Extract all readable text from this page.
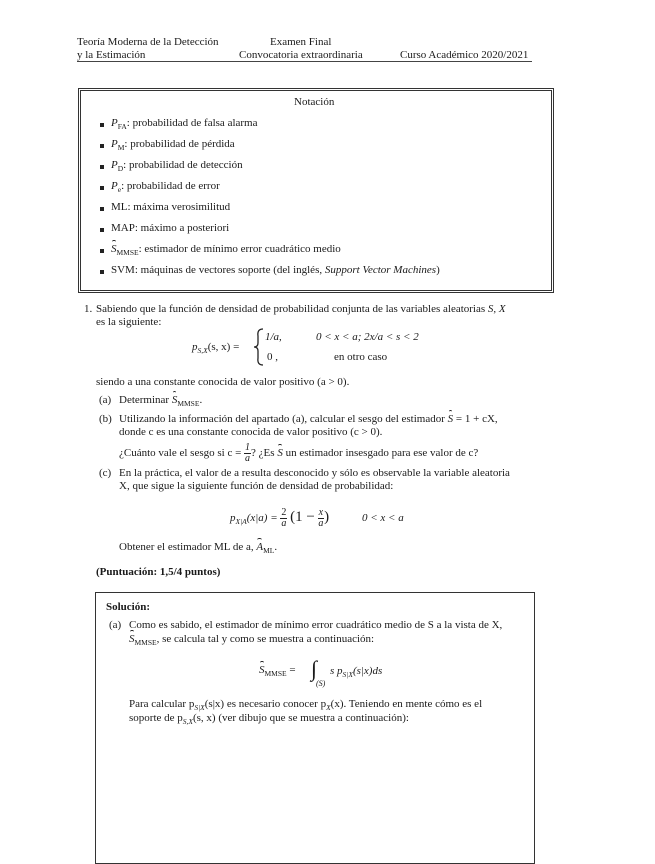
Teoría Moderna de la Detección
y la Estimación
Examen Final
Convocatoria extraordinaria	Curso Académico 2020/2021
Notación
$P_{FA}$: probabilidad de falsa alarma
$P_M$: probabilidad de pérdida
$P_D$: probabilidad de detección
$P_e$: probabilidad de error
ML: máxima verosimilitud
MAP: máximo a posteriori
$S_{MMSE}$: estimador de mínimo error cuadrático medio
SVM: máquinas de vectores soporte (del inglés, Support Vector Machines)
1. Sabiendo que la función de densidad de probabilidad conjunta de las variables aleatorias S, X
es la siguiente:
$p_{S,X}(s$, x) =
1/a,	0 < x < a; 2x/a < s < 2
0 ,	en otro caso
siendo a una constante conocida de valor positivo (a > 0).
(a) Determinar $S_{MMSE}$.
(b) Utilizando la información del apartado (a), calcular el sesgo del estimador S = 1 + cX,
donde c es una constante conocida de valor positivo (c > 0).
¿Cuánto vale el sesgo si $c = \frac{1}{a}$ ? ¿Es S un estimador insesgado para ese valor de c?
(c) En la práctica, el valor de a resulta desconocido y sólo es observable la variable aleatoria
X, que sigue la siguiente función de densidad de probabilidad:
$p_{X|A}(x|a) = \frac{2}{a} (1 - \frac{x}{a}$ )	0 < x < a
Obtener el estimador ML de a, $A_{ML}$.
(Puntuación: 1,5/4 puntos)
Solución:
(a) Como es sabido, el estimador de mínimo error cuadrático medio de S a la vista de X,
$S_{MMSE}$, se calcula tal y como se muestra a continuación:
$S_{MMSE}$ = ∫
(S)
s $p_{S|X}(s|x)ds$
Para calcular $p_{S|X}(s|x)$ es necesario conocer $p_X(x)$. Teniendo en mente cómo es el
soporte de $p_{S,X}(s$, x) (ver dibujo que se muestra a continuación):
